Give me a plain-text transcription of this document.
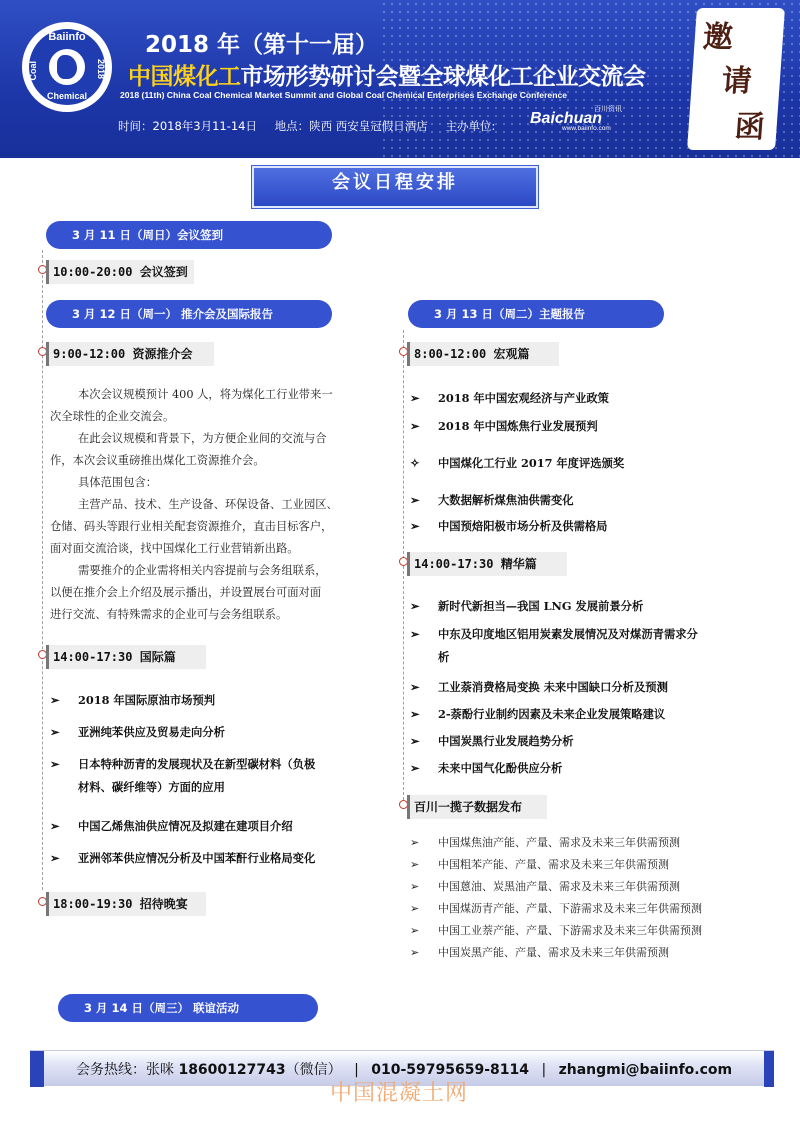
Baiinfo
Coal	2018
Chemical
2018 年（第十一届）
中国煤化工市场形势研讨会暨全球煤化工企业交流会
2018 (11th) China Coal Chemical Market Summit and Global Coal Chemical Enterprises Exchange Conference
时间：2018年3月11-14日 地点：陕西 西安皇冠假日酒店 主办单位:	Baichuan
百川资讯
www.baiinfo.com
邀
请
函
会议日程安排
3 月 11 日（周日）会议签到
10:00-20:00 会议签到
3 月 12 日（周一） 推介会及国际报告
9:00-12:00 资源推介会
本次会议规模预计 400 人，将为煤化工行业带来一
次全球性的企业交流会。
在此会议规模和背景下，为方便企业间的交流与合
作，本次会议重磅推出煤化工资源推介会。
具体范围包含：
主营产品、技术、生产设备、环保设备、工业园区、
仓储、码头等跟行业相关配套资源推介，直击目标客户，
面对面交流洽谈，找中国煤化工行业营销新出路。
需要推介的企业需将相关内容提前与会务组联系，
以便在推介会上介绍及展示播出，并设置展台可面对面
进行交流、有特殊需求的企业可与会务组联系。
14:00-17:30 国际篇
➢ 2018 年国际原油市场预判
➢ 亚洲纯苯供应及贸易走向分析
➢ 日本特种沥青的发展现状及在新型碳材料（负极
材料、碳纤维等）方面的应用
➢ 中国乙烯焦油供应情况及拟建在建项目介绍
➢ 亚洲邻苯供应情况分析及中国苯酐行业格局变化
18:00-19:30 招待晚宴
3 月 13 日（周二）主题报告
8:00-12:00 宏观篇
➢ 2018 年中国宏观经济与产业政策
➢ 2018 年中国炼焦行业发展预判
✧ 中国煤化工行业 2017 年度评选颁奖
➢ 大数据解析煤焦油供需变化
➢ 中国预焙阳极市场分析及供需格局
14:00-17:30 精华篇
➢ 新时代新担当—我国 LNG 发展前景分析
➢ 中东及印度地区铝用炭素发展情况及对煤沥青需求分
析
➢ 工业萘消费格局变换 未来中国缺口分析及预测
➢ 2-萘酚行业制约因素及未来企业发展策略建议
➢ 中国炭黑行业发展趋势分析
➢ 未来中国气化酚供应分析
百川一揽子数据发布
➢ 中国煤焦油产能、产量、需求及未来三年供需预测
➢ 中国粗苯产能、产量、需求及未来三年供需预测
➢ 中国蒽油、炭黑油产量、需求及未来三年供需预测
➢ 中国煤沥青产能、产量、下游需求及未来三年供需预测
➢ 中国工业萘产能、产量、下游需求及未来三年供需预测
➢ 中国炭黑产能、产量、需求及未来三年供需预测
3 月 14 日（周三） 联谊活动
会务热线：张咪 18600127743（微信） | 010-59795659-8114 | zhangmi@baiinfo.com
中国混凝土网
